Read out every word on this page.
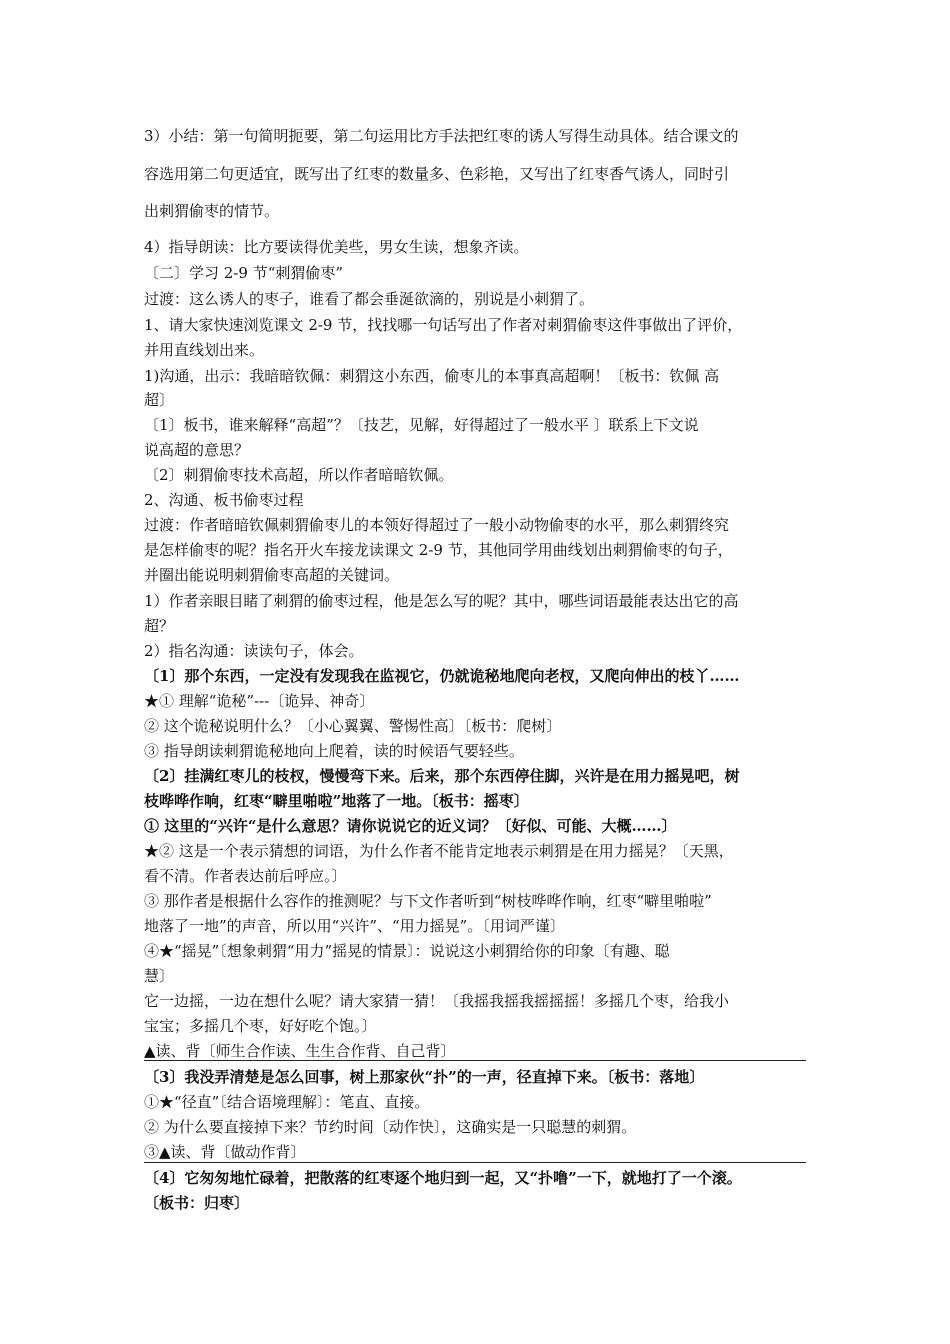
3）小结：第一句简明扼要，第二句运用比方手法把红枣的诱人写得生动具体。结合课文的
容选用第二句更适宜，既写出了红枣的数量多、色彩艳，又写出了红枣香气诱人，同时引
出刺猬偷枣的情节。
4）指导朗读：比方要读得优美些，男女生读，想象齐读。
〔二〕学习 2-9 节“刺猬偷枣”
过渡：这么诱人的枣子，谁看了都会垂涎欲滴的，别说是小刺猬了。
1、请大家快速浏览课文 2-9 节，找找哪一句话写出了作者对刺猬偷枣这件事做出了评价，
并用直线划出来。
1)沟通，出示：我暗暗钦佩：刺猬这小东西，偷枣儿的本事真高超啊！〔板书：钦佩 高
超〕
〔1〕板书，谁来解释“高超”？〔技艺，见解，好得超过了一般水平 〕联系上下文说
说高超的意思？
〔2〕刺猬偷枣技术高超，所以作者暗暗钦佩。
2、沟通、板书偷枣过程
过渡：作者暗暗钦佩刺猬偷枣儿的本领好得超过了一般小动物偷枣的水平，那么刺猬终究
是怎样偷枣的呢？指名开火车接龙读课文 2-9 节，其他同学用曲线划出刺猬偷枣的句子，
并圈出能说明刺猬偷枣高超的关键词。
1）作者亲眼目睹了刺猬的偷枣过程，他是怎么写的呢？其中，哪些词语最能表达出它的高
超？
2）指名沟通：读读句子，体会。
〔1〕那个东西，一定没有发现我在监视它，仍就诡秘地爬向老杈，又爬向伸出的枝丫……
★① 理解“诡秘”---〔诡异、神奇〕
② 这个诡秘说明什么？〔小心翼翼、警惕性高〕〔板书：爬树〕
③ 指导朗读刺猬诡秘地向上爬着，读的时候语气要轻些。
〔2〕挂满红枣儿的枝杈，慢慢弯下来。后来，那个东西停住脚，兴许是在用力摇晃吧，树
枝哗哗作响，红枣“噼里啪啦”地落了一地。〔板书：摇枣〕
① 这里的“兴许“是什么意思？请你说说它的近义词？〔好似、可能、大概……〕
★② 这是一个表示猜想的词语，为什么作者不能肯定地表示刺猬是在用力摇晃？〔天黑，
看不清。作者表达前后呼应。〕
③ 那作者是根据什么容作的推测呢？与下文作者听到“树枝哗哗作响，红枣“噼里啪啦”
地落了一地”的声音，所以用“兴许”、“用力摇晃”。〔用词严谨〕
④★“摇晃”〔想象刺猬“用力”摇晃的情景〕：说说这小刺猬给你的印象〔有趣、聪
慧〕
它一边摇，一边在想什么呢？请大家猜一猜！〔我摇我摇我摇摇摇！多摇几个枣，给我小
宝宝；多摇几个枣，好好吃个饱。〕
▲读、背〔师生合作读、生生合作背、自己背〕
〔3〕我没弄清楚是怎么回事，树上那家伙“扑”的一声，径直掉下来。〔板书：落地〕
①★“径直”〔结合语境理解〕：笔直、直接。
② 为什么要直接掉下来？节约时间〔动作快〕，这确实是一只聪慧的刺猬。
③▲读、背〔做动作背〕
〔4〕它匆匆地忙碌着，把散落的红枣逐个地归到一起，又“扑噜”一下，就地打了一个滚。
〔板书：归枣〕
